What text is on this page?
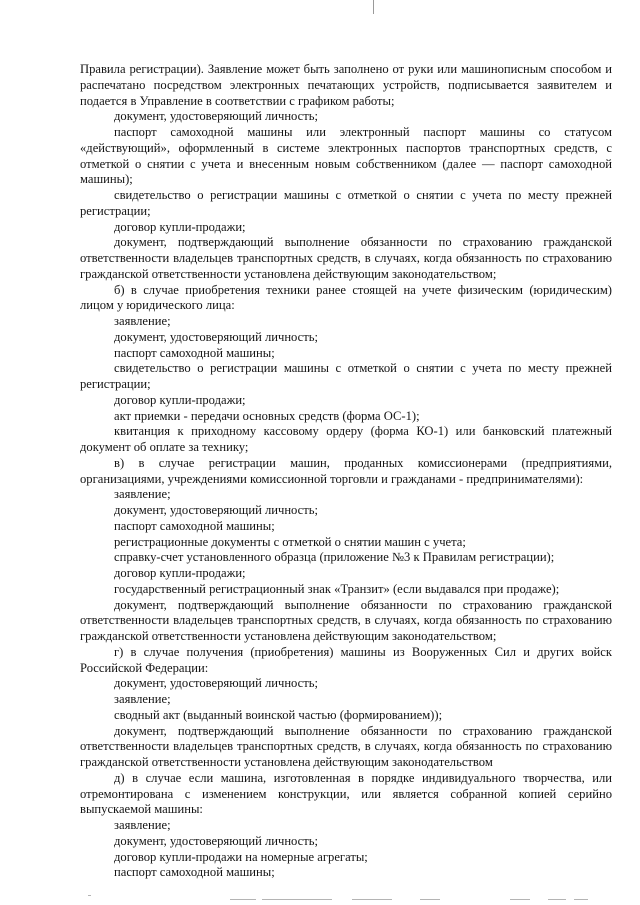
Правила регистрации). Заявление может быть заполнено от руки или машинописным способом и распечатано посредством электронных печатающих устройств, подписывается заявителем и подается в Управление в соответствии с графиком работы;

документ, удостоверяющий личность;

паспорт самоходной машины или электронный паспорт машины со статусом «действующий», оформленный в системе электронных паспортов транспортных средств, с отметкой о снятии с учета и внесенным новым собственником (далее — паспорт самоходной машины);

свидетельство о регистрации машины с отметкой о снятии с учета по месту прежней регистрации;

договор купли-продажи;

документ, подтверждающий выполнение обязанности по страхованию гражданской ответственности владельцев транспортных средств, в случаях, когда обязанность по страхованию гражданской ответственности установлена действующим законодательством;

б) в случае приобретения техники ранее стоящей на учете физическим (юридическим) лицом у юридического лица:

заявление;

документ, удостоверяющий личность;

паспорт самоходной машины;

свидетельство о регистрации машины с отметкой о снятии с учета по месту прежней регистрации;

договор купли-продажи;

акт приемки - передачи основных средств (форма ОС-1);

квитанция к приходному кассовому ордеру (форма КО-1) или банковский платежный документ об оплате за технику;

в) в случае регистрации машин, проданных комиссионерами (предприятиями, организациями, учреждениями комиссионной торговли и гражданами - предпринимателями):

заявление;

документ, удостоверяющий личность;

паспорт самоходной машины;

регистрационные документы с отметкой о снятии машин с учета;

справку-счет установленного образца (приложение №3 к Правилам регистрации);

договор купли-продажи;

государственный регистрационный знак «Транзит» (если выдавался при продаже);

документ, подтверждающий выполнение обязанности по страхованию гражданской ответственности владельцев транспортных средств, в случаях, когда обязанность по страхованию гражданской ответственности установлена действующим законодательством;

г) в случае получения (приобретения) машины из Вооруженных Сил и других войск Российской Федерации:

документ, удостоверяющий личность;

заявление;

сводный акт (выданный воинской частью (формированием));

документ, подтверждающий выполнение обязанности по страхованию гражданской ответственности владельцев транспортных средств, в случаях, когда обязанность по страхованию гражданской ответственности установлена действующим законодательством

д) в случае если машина, изготовленная в порядке индивидуального творчества, или отремонтирована с изменением конструкции, или является собранной копией серийно выпускаемой машины:

заявление;

документ, удостоверяющий личность;

договор купли-продажи на номерные агрегаты;

паспорт самоходной машины;
